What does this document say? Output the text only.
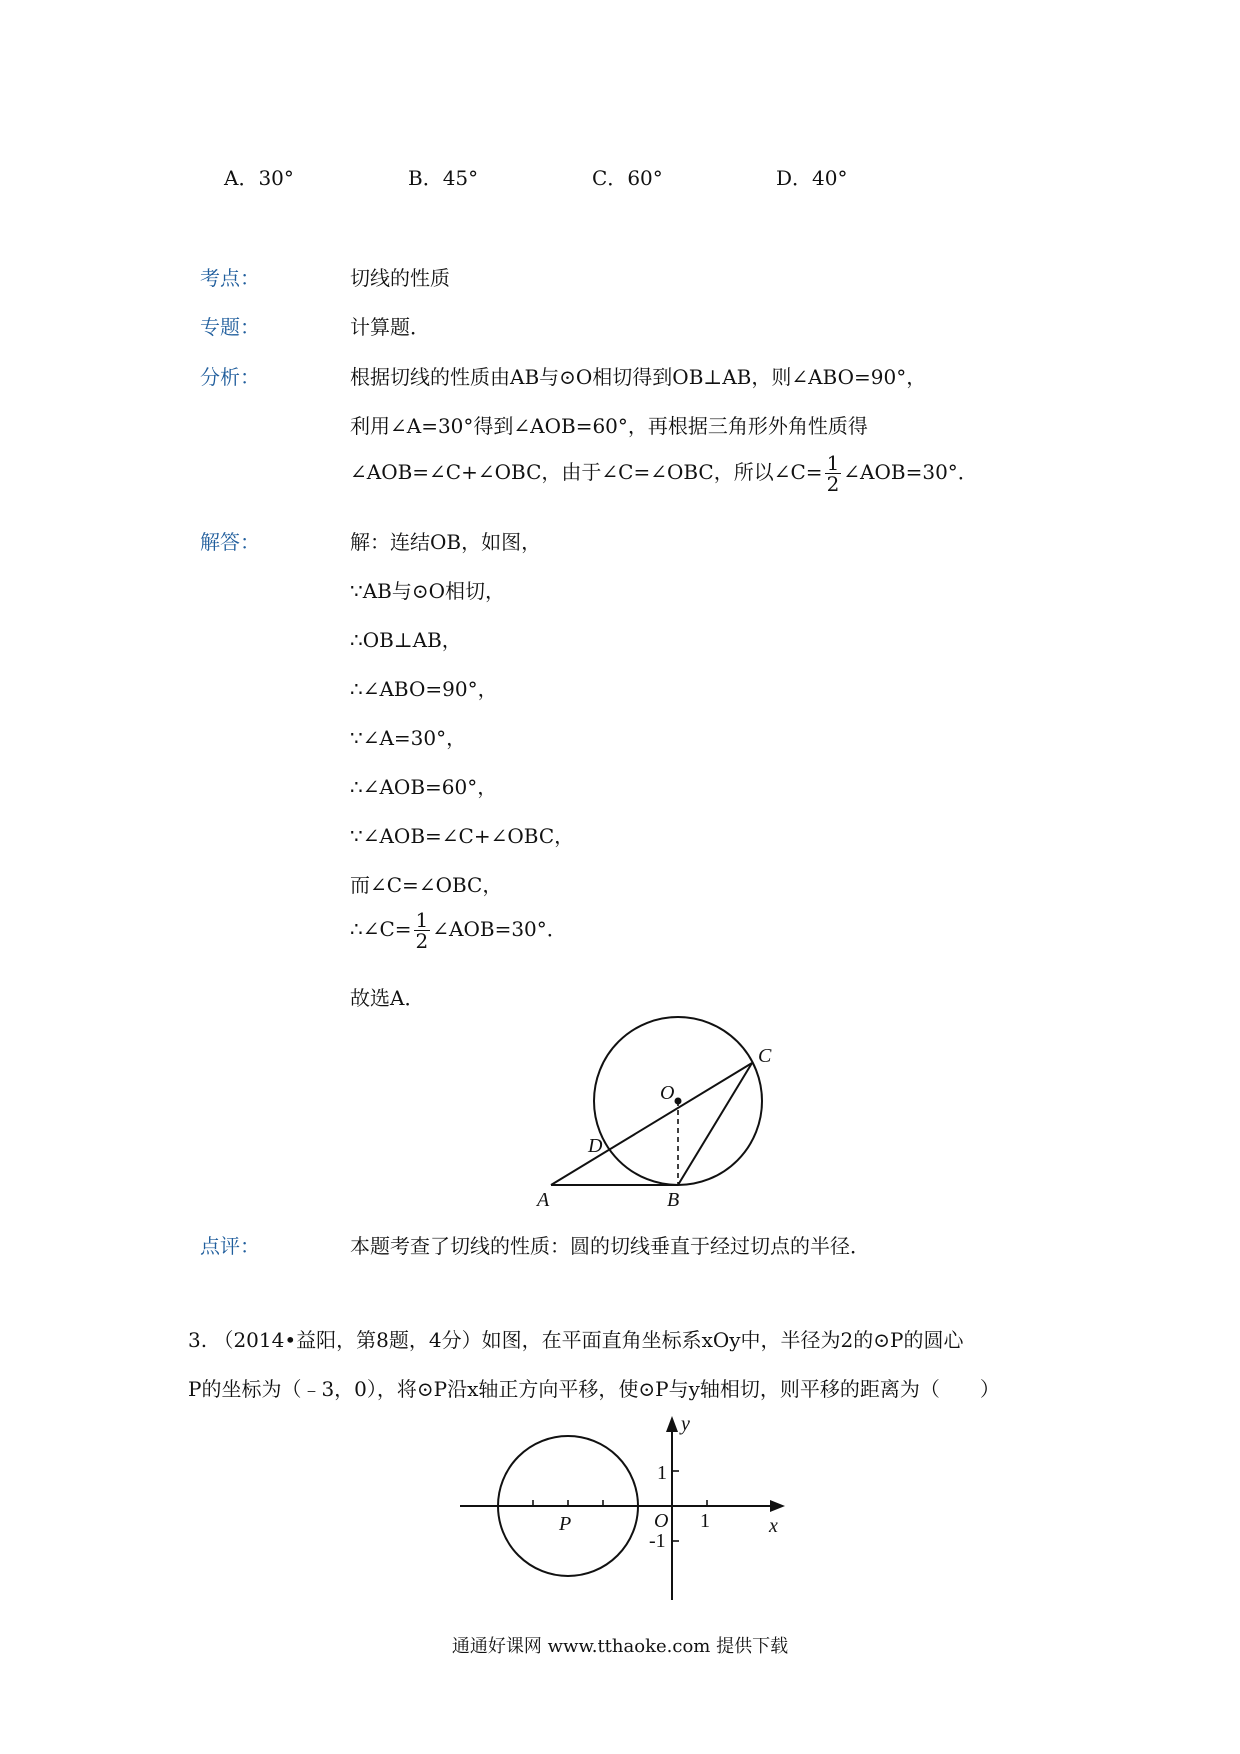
A．30°	B．45°	C．60°	D．40°
考点：	切线的性质
专题：	计算题．
分析：	根据切线的性质由AB与⊙O相切得到OB⊥AB，则∠ABO=90°，
利用∠A=30°得到∠AOB=60°，再根据三角形外角性质得
∠AOB=∠C+∠OBC，由于∠C=∠OBC，所以∠C= $\frac{1}{2}$ ∠AOB=30°．
解答：	解：连结OB，如图，
∵AB与⊙O相切，
∴OB⊥AB，
∴∠ABO=90°，
∵∠A=30°，
∴∠AOB=60°，
∵∠AOB=∠C+∠OBC，
而∠C=∠OBC，
∴∠C= $\frac{1}{2}$ ∠AOB=30°．
故选A．
C
O
D
A	B
点评：	本题考查了切线的性质：圆的切线垂直于经过切点的半径．
3. （2014•益阳，第8题，4分）如图，在平面直角坐标系xOy中，半径为2的⊙P的圆心
P的坐标为（﹣3，0），将⊙P沿x轴正方向平移，使⊙P与y轴相切，则平移的距离为（　　）
y
x
O
P
1
-1
1
通通好课网 www.tthaoke.com 提供下载
